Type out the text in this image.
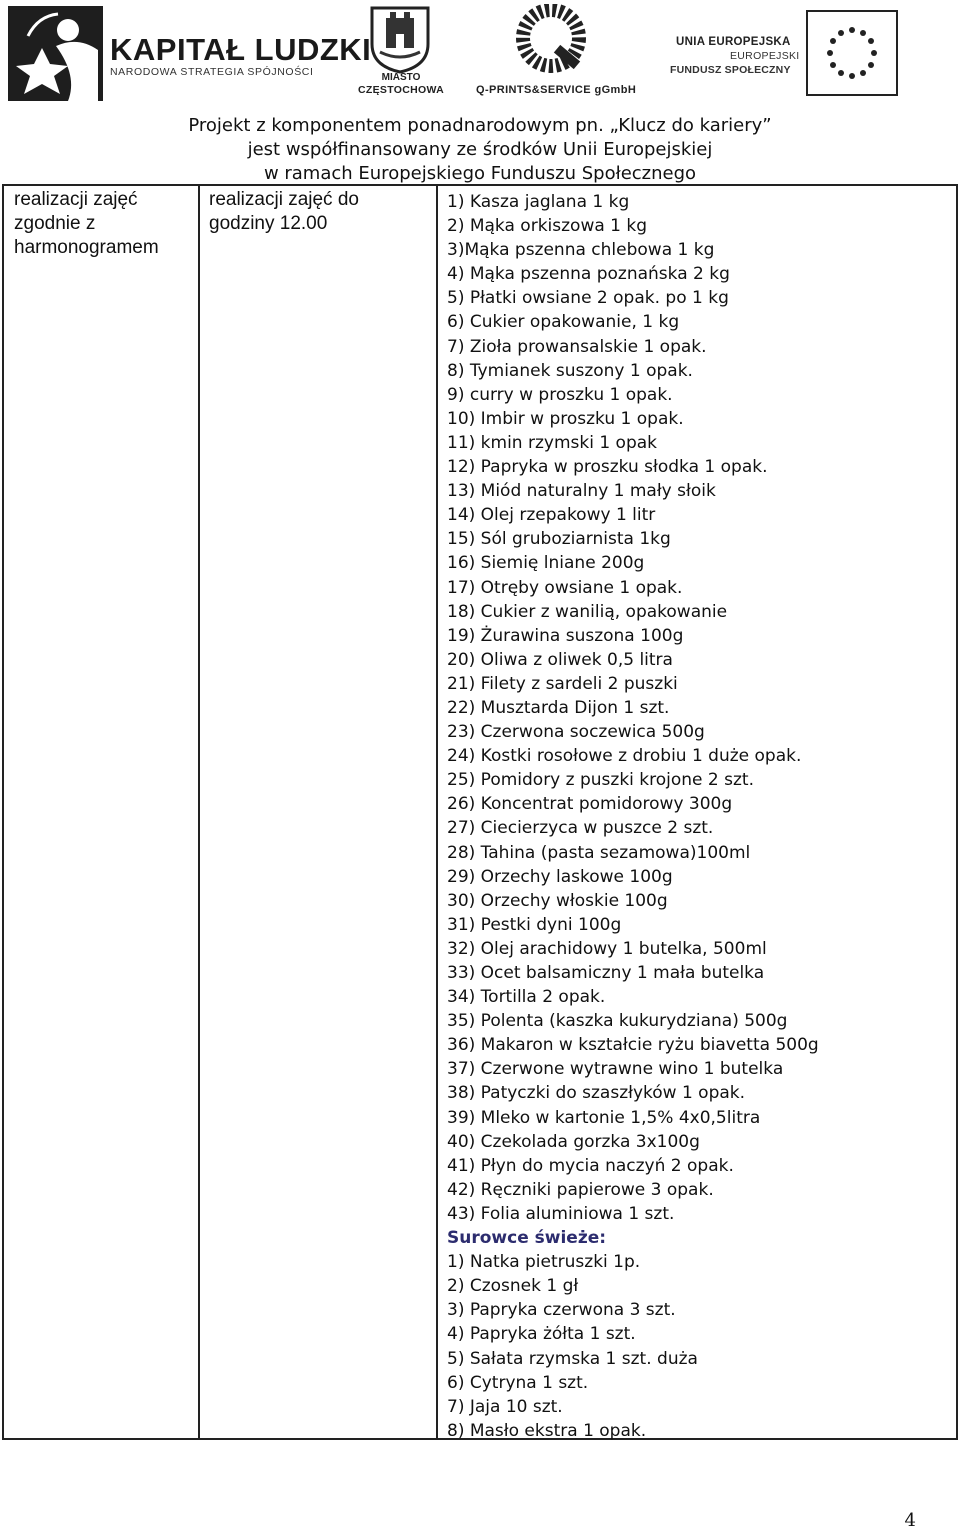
KAPITAŁ LUDZKI
NARODOWA STRATEGIA SPÓJNOŚCI	MIASTO
CZĘSTOCHOWA	Q-PRINTS&SERVICE gGmbH
UNIA EUROPEJSKA
EUROPEJSKI
FUNDUSZ SPOŁECZNY
Projekt z komponentem ponadnarodowym pn. „Klucz do kariery”
jest współfinansowany ze środków Unii Europejskiej
w ramach Europejskiego Funduszu Społecznego
realizacji zajęć
zgodnie z
harmonogramem
realizacji zajęć do
godziny 12.00
1) Kasza jaglana 1 kg
2) Mąka orkiszowa 1 kg
3)Mąka pszenna chlebowa 1 kg
4) Mąka pszenna poznańska 2 kg
5) Płatki owsiane 2 opak. po 1 kg
6) Cukier opakowanie, 1 kg
7) Zioła prowansalskie 1 opak.
8) Tymianek suszony 1 opak.
9) curry w proszku 1 opak.
10) Imbir w proszku 1 opak.
11) kmin rzymski 1 opak
12) Papryka w proszku słodka 1 opak.
13) Miód naturalny 1 mały słoik
14) Olej rzepakowy 1 litr
15) Sól gruboziarnista 1kg
16) Siemię lniane 200g
17) Otręby owsiane 1 opak.
18) Cukier z wanilią, opakowanie
19) Żurawina suszona 100g
20) Oliwa z oliwek 0,5 litra
21) Filety z sardeli 2 puszki
22) Musztarda Dijon 1 szt.
23) Czerwona soczewica 500g
24) Kostki rosołowe z drobiu 1 duże opak.
25) Pomidory z puszki krojone 2 szt.
26) Koncentrat pomidorowy 300g
27) Ciecierzyca w puszce 2 szt.
28) Tahina (pasta sezamowa)100ml
29) Orzechy laskowe 100g
30) Orzechy włoskie 100g
31) Pestki dyni 100g
32) Olej arachidowy 1 butelka, 500ml
33) Ocet balsamiczny 1 mała butelka
34) Tortilla 2 opak.
35) Polenta (kaszka kukurydziana) 500g
36) Makaron w kształcie ryżu biavetta 500g
37) Czerwone wytrawne wino 1 butelka
38) Patyczki do szaszłyków 1 opak.
39) Mleko w kartonie 1,5% 4x0,5litra
40) Czekolada gorzka 3x100g
41) Płyn do mycia naczyń 2 opak.
42) Ręczniki papierowe 3 opak.
43) Folia aluminiowa 1 szt.
Surowce świeże:
1) Natka pietruszki 1p.
2) Czosnek 1 gł
3) Papryka czerwona 3 szt.
4) Papryka żółta 1 szt.
5) Sałata rzymska 1 szt. duża
6) Cytryna 1 szt.
7) Jaja 10 szt.
8) Masło ekstra 1 opak.
4
